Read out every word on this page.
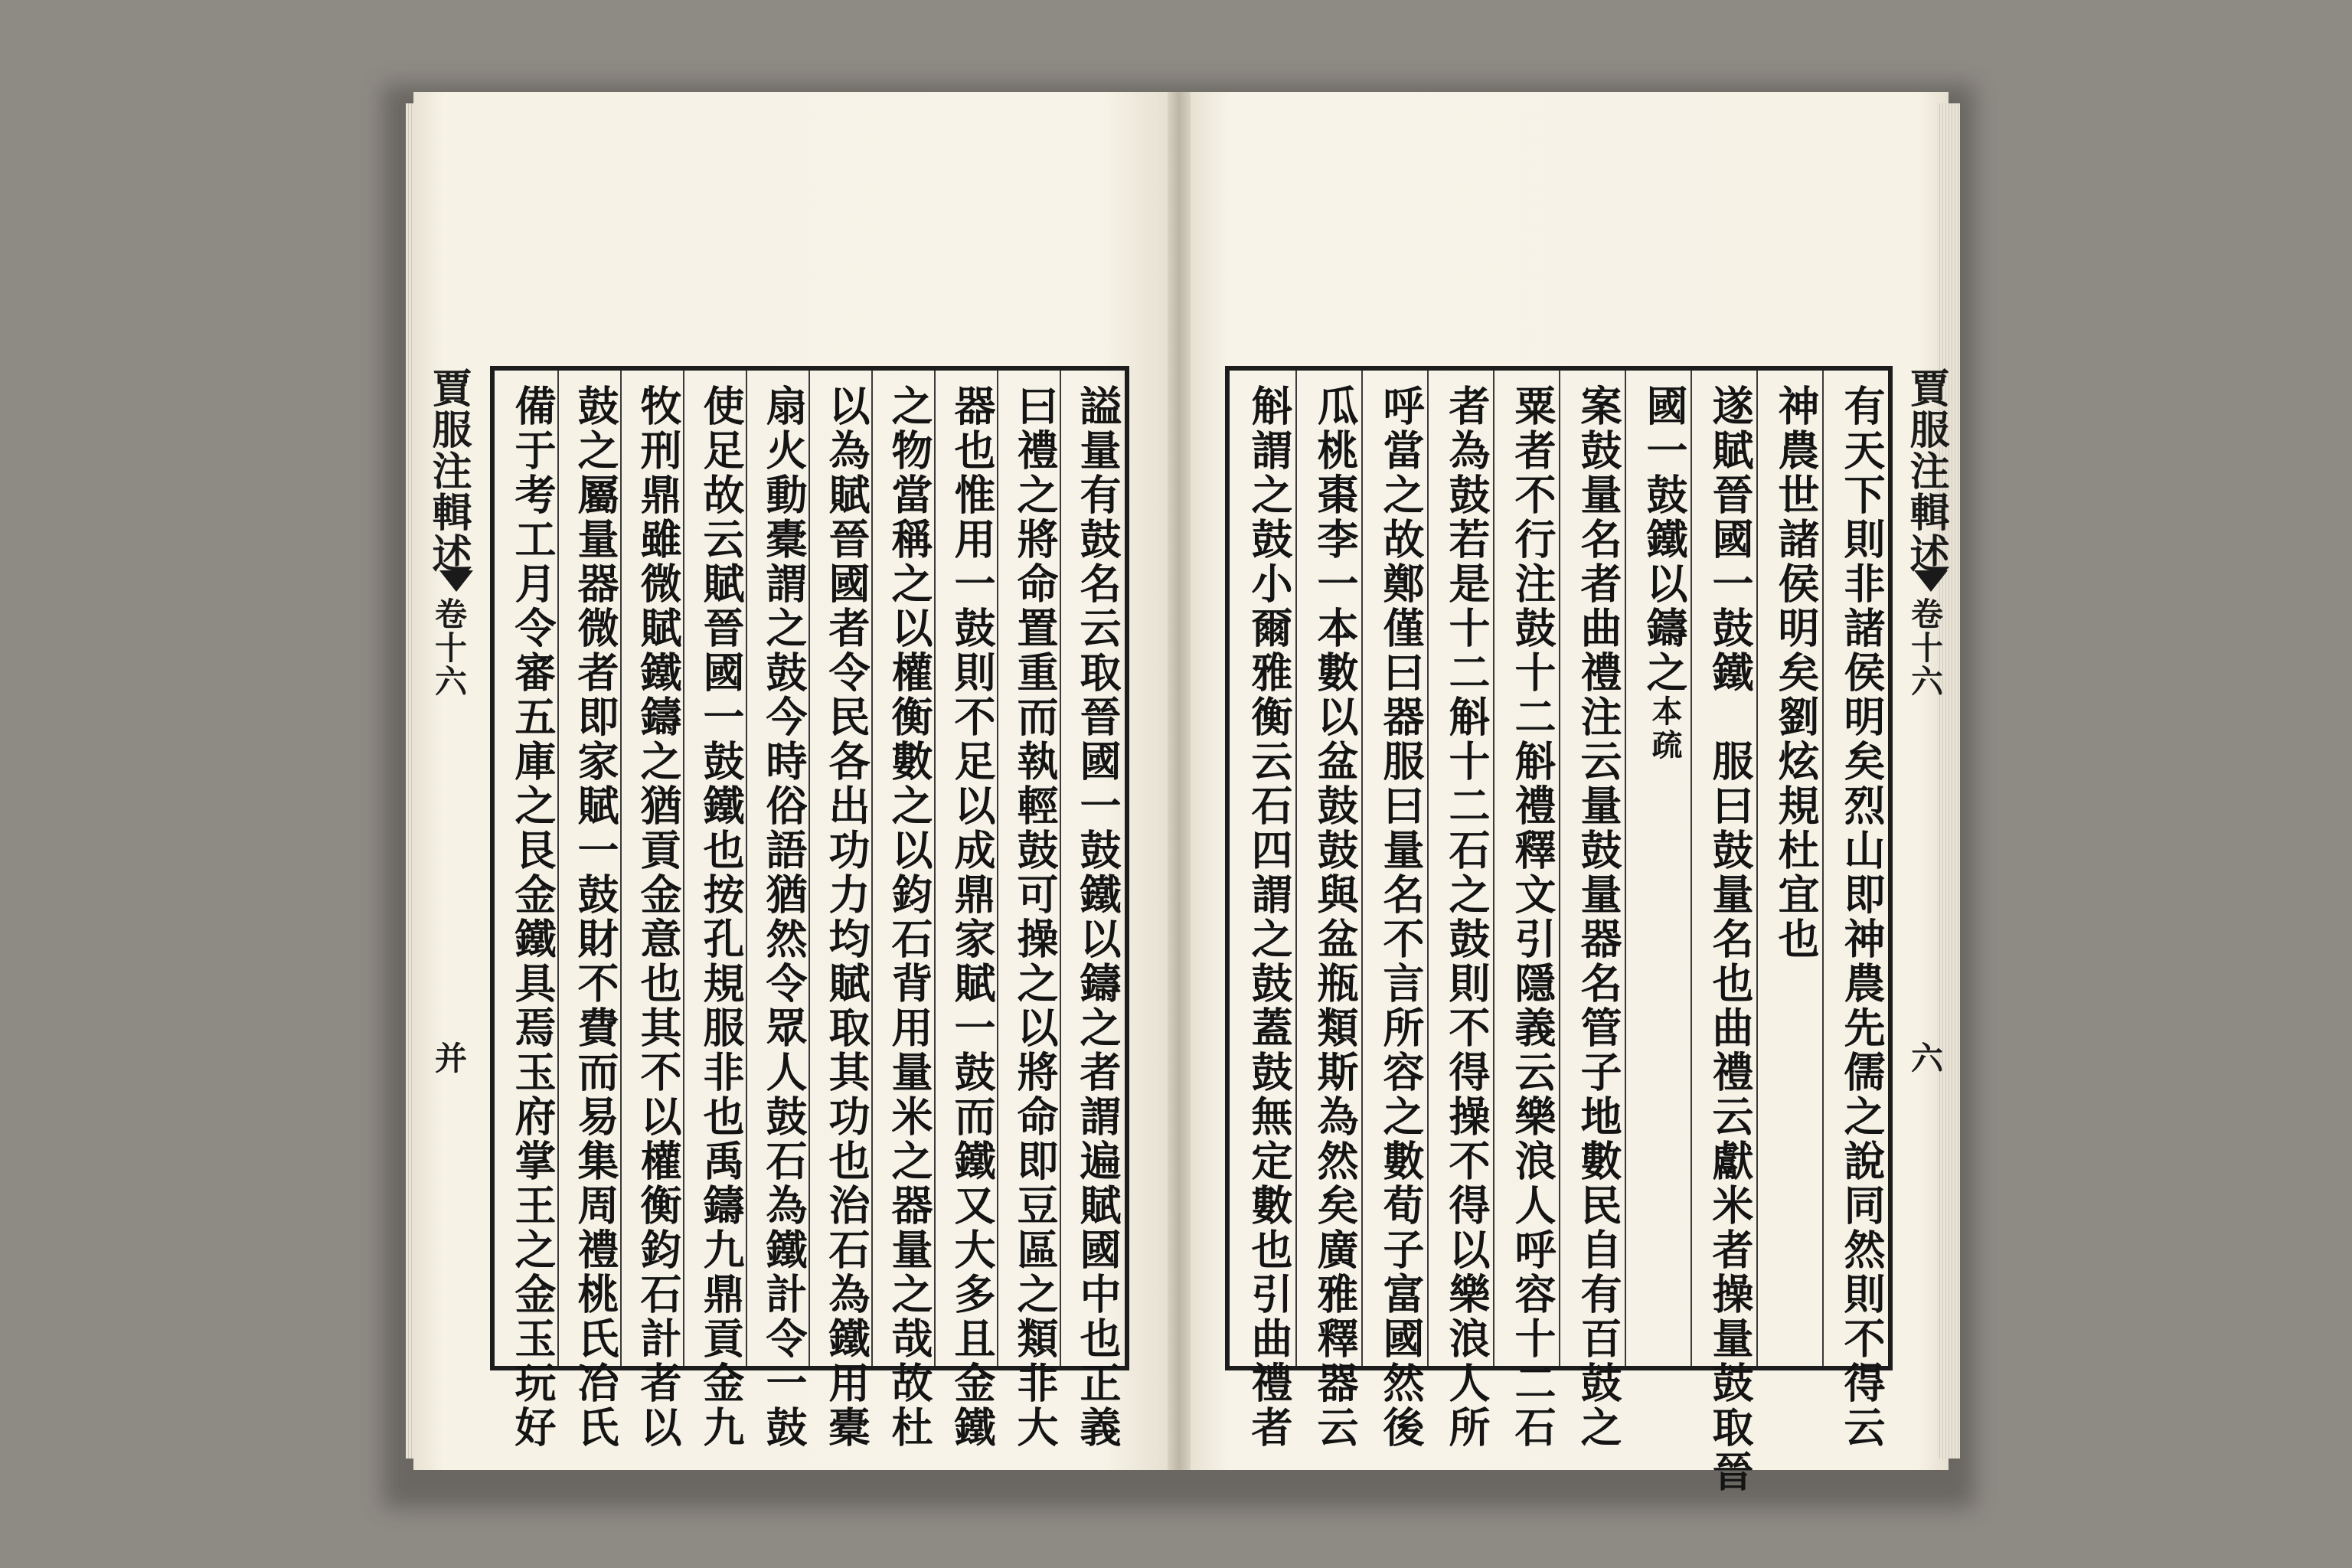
謚量有鼓名云取晉國一鼓鐵以鑄之者謂遍賦國中也正義
曰禮之將命置重而執輕鼓可操之以將命即豆區之類非大
器也惟用一鼓則不足以成鼎家賦一鼓而鐵又大多且金鐵
之物當稱之以權衡數之以鈞石背用量米之器量之哉故杜
以為賦晉國者令民各出功力均賦取其功也治石為鐵用橐
扇火動橐謂之鼓今時俗語猶然令眾人鼓石為鐵計令一鼓
使足故云賦晉國一鼓鐵也按孔規服非也禹鑄九鼎貢金九
牧刑鼎雖微賦鐵鑄之猶貢金意也其不以權衡鈞石計者以
鼓之屬量器微者即家賦一鼓財不費而易集周禮桃氏冶氏
備于考工月令審五庫之艮金鐵具焉玉府掌王之金玉玩好
賈服注輯述
卷十六
并	有天下則非諸侯明矣烈山即神農先儒之說同然則不得云
神農世諸侯明矣劉炫規杜宜也
遂賦晉國一鼓鐵　服曰鼓量名也曲禮云獻米者操量鼓取晉
國一鼓鐵以鑄之本疏
案鼓量名者曲禮注云量鼓量器名管子地數民自有百鼓之
粟者不行注鼓十二斛禮釋文引隱義云樂浪人呼容十二石
者為鼓若是十二斛十二石之鼓則不得操不得以樂浪人所
呼當之故鄭僅曰器服曰量名不言所容之數荀子富國然後
瓜桃棗李一本數以盆鼓鼓與盆瓶類斯為然矣廣雅釋器云
斛謂之鼓小爾雅衡云石四謂之鼓蓋鼓無定數也引曲禮者	賈服注輯述
卷十六
六
